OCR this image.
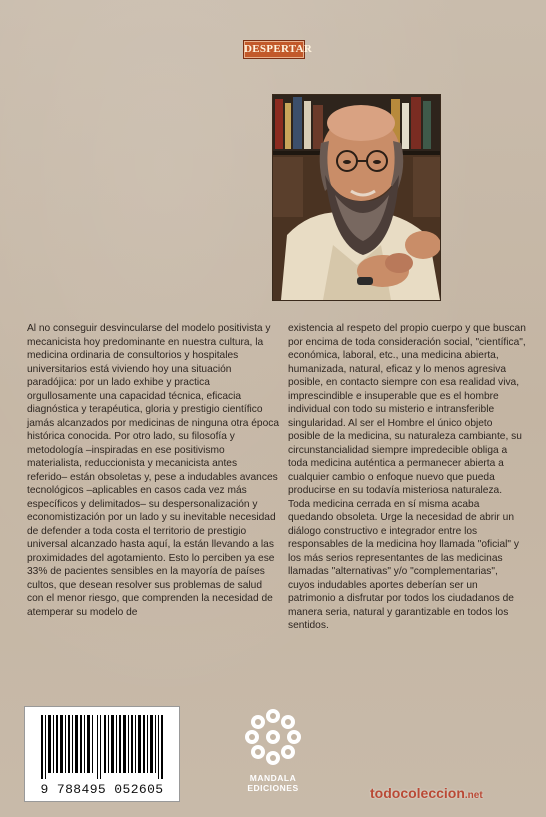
DESPERTAR

Al no conseguir desvincularse del modelo positivista y mecanicista hoy predominante en nuestra cultura, la medicina ordinaria de consultorios y hospitales universitarios está viviendo hoy una situación paradójica: por un lado exhibe y practica orgullosamente una capacidad técnica, eficacia diagnóstica y terapéutica, gloria y prestigio científico jamás alcanzados por medicinas de ninguna otra época histórica conocida. Por otro lado, su filosofía y metodología –inspiradas en ese positivismo materialista, reduccionista y mecanicista antes referido– están obsoletas y, pese a indudables avances tecnológicos –aplicables en casos cada vez más específicos y delimitados– su despersonalización y economistización por un lado y su inevitable necesidad de defender a toda costa el territorio de prestigio universal alcanzado hasta aquí, la están llevando a las proximidades del agotamiento. Esto lo perciben ya ese 33% de pacientes sensibles en la mayoría de países cultos, que desean resolver sus problemas de salud con el menor riesgo, que comprenden la necesidad de atemperar su modelo de

existencia al respeto del propio cuerpo y que buscan por encima de toda consideración social, "científica", económica, laboral, etc., una medicina abierta, humanizada, natural, eficaz y lo menos agresiva posible, en contacto siempre con esa realidad viva, imprescindible e insuperable que es el hombre individual con todo su misterio e intransferible singularidad. Al ser el Hombre el único objeto posible de la medicina, su naturaleza cambiante, su circunstancialidad siempre impredecible obliga a toda medicina auténtica a permanecer abierta a cualquier cambio o enfoque nuevo que pueda producirse en su todavía misteriosa naturaleza. Toda medicina cerrada en sí misma acaba quedando obsoleta. Urge la necesidad de abrir un diálogo constructivo e integrador entre los responsables de la medicina hoy llamada "oficial" y los más serios representantes de las medicinas llamadas "alternativas" y/o "complementarias", cuyos indudables aportes deberían ser un patrimonio a disfrutar por todos los ciudadanos de manera seria, natural y garantizable en todos los sentidos.

9 788495 052605
MANDALA
EDICIONES	todocoleccion.net
